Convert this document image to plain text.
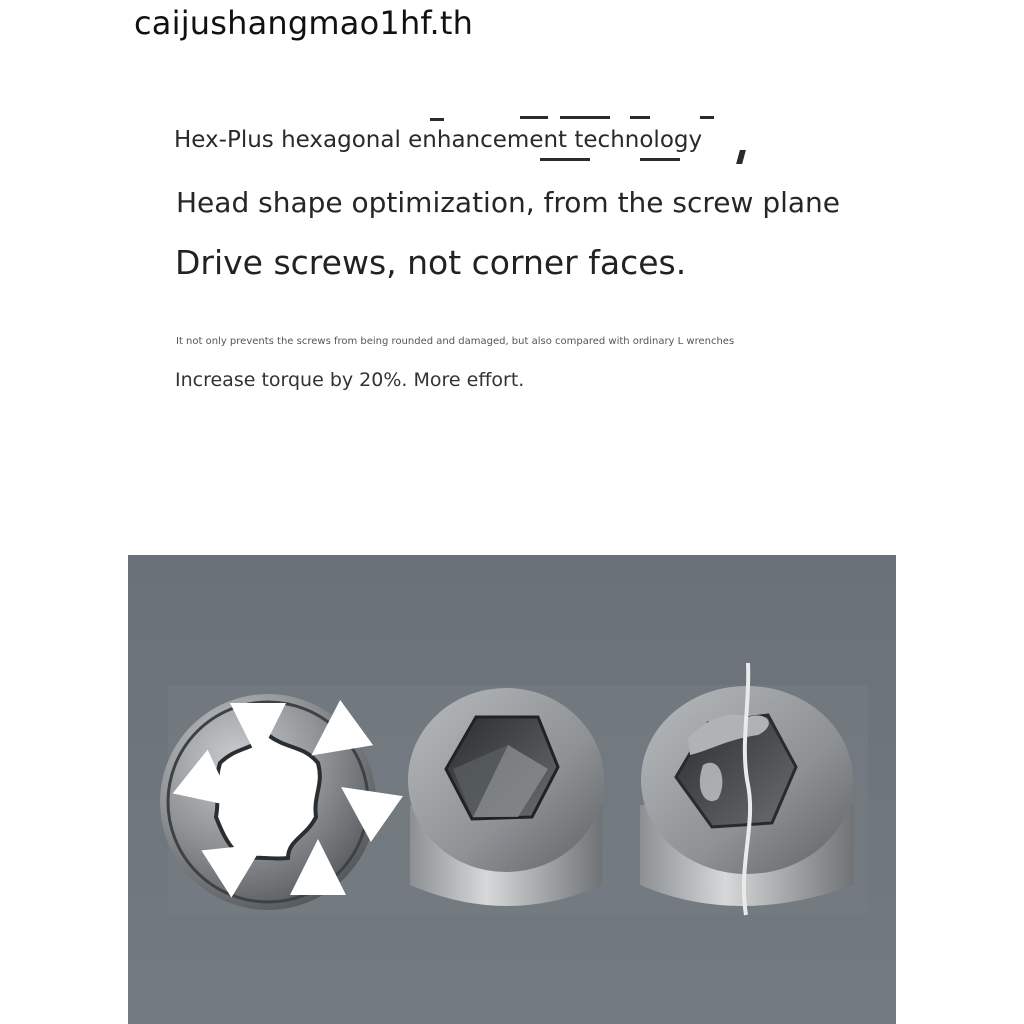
caijushangmao1hf.th
Hex-Plus hexagonal enhancement technology
Head shape optimization, from the screw plane
Drive screws, not corner faces.
It not only prevents the screws from being rounded and damaged, but also compared with ordinary L wrenches
Increase torque by 20%. More effort.
